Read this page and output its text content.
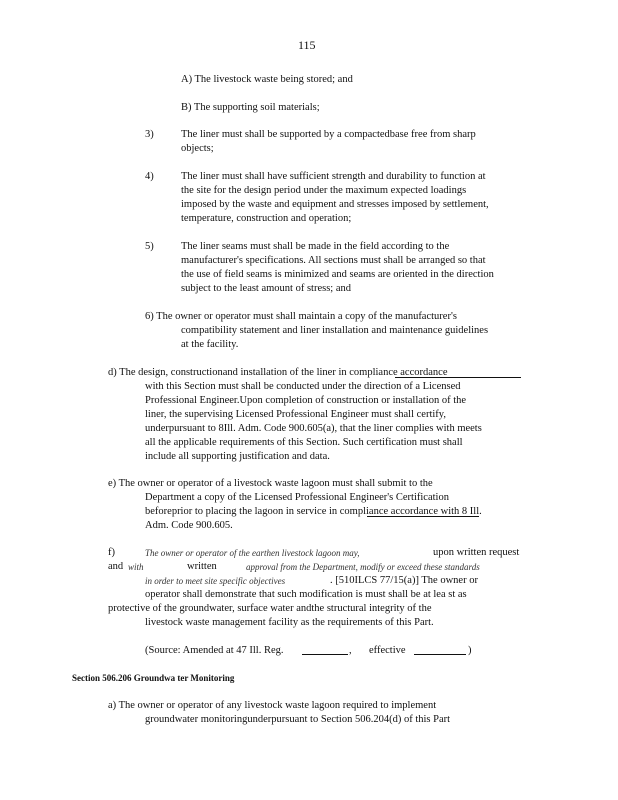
115
A) The livestock waste being stored; and
B) The supporting soil materials;
3)	The liner must shall be supported by a compactedbase free from sharp
objects;
4)	The liner must shall have sufficient strength and durability to function at
the site for the design period under the maximum expected loadings
imposed by the waste and equipment and stresses imposed by settlement,
temperature, construction and operation;
5)	The liner seams must shall be made in the field according to the
manufacturer's specifications. All sections must shall be arranged so that
the use of field seams is minimized and seams are oriented in the direction
subject to the least amount of stress; and
6) The owner or operator must shall maintain a copy of the manufacturer's
compatibility statement and liner installation and maintenance guidelines
at the facility.
d) The design, constructionand installation of the liner in compliance accordance
with this Section must shall be conducted under the direction of a Licensed
Professional Engineer.Upon completion of construction or installation of the
liner, the supervising Licensed Professional Engineer must shall certify,
underpursuant to 8Ill. Adm. Code 900.605(a), that the liner complies with meets
all the applicable requirements of this Section. Such certification must shall
include all supporting justification and data.
e) The owner or operator of a livestock waste lagoon must shall submit to the
Department a copy of the Licensed Professional Engineer's Certification
beforeprior to placing the lagoon in service in compliance accordance with 8 Ill.
Adm. Code 900.605.
f)	The owner or operator of the earthen livestock lagoon may,	upon written request
and with	written	approval from the Department, modify or exceed these standards
in order to meet site specific objectives	. [510ILCS 77/15(a)] The owner or
operator shall demonstrate that such modification is must shall be at lea st as
protective of the groundwater, surface water andthe structural integrity of the
livestock waste management facility as the requirements of this Part.
(Source: Amended at 47 Ill. Reg.	, effective	)
Section 506.206 Groundwa ter Monitoring
a) The owner or operator of any livestock waste lagoon required to implement
groundwater monitoringunderpursuant to Section 506.204(d) of this Part
